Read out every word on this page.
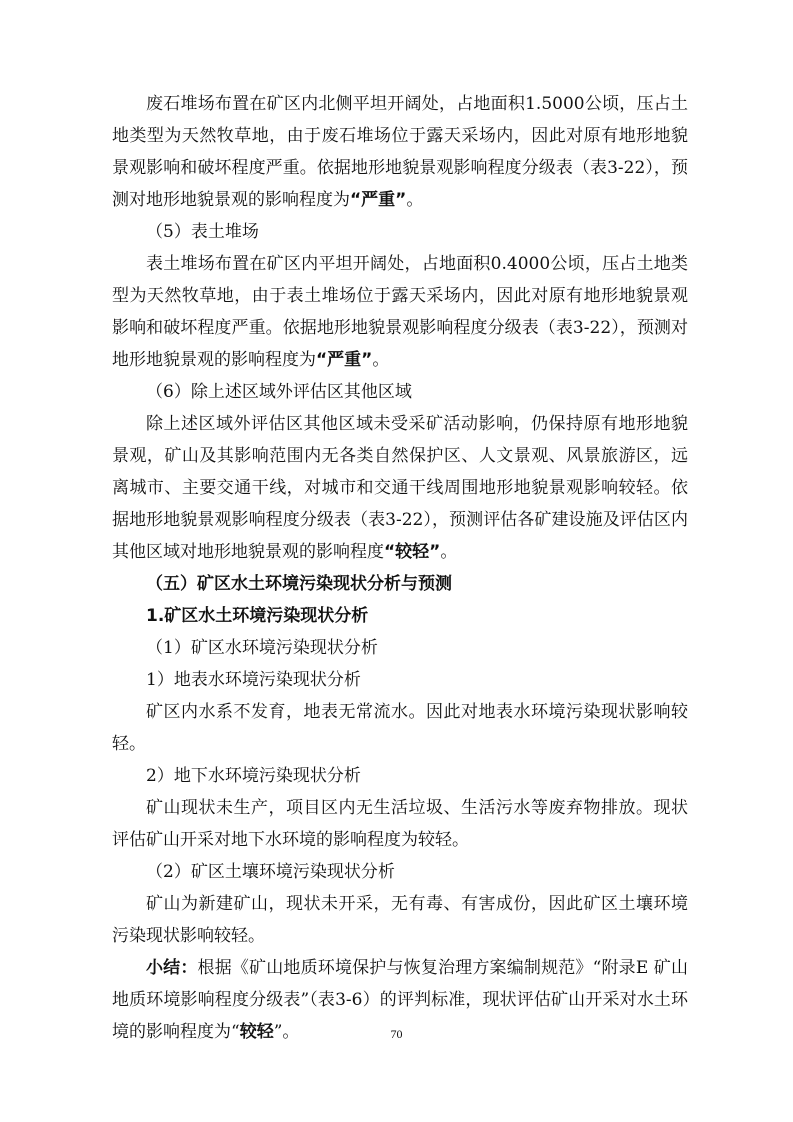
废石堆场布置在矿区内北侧平坦开阔处，占地面积1.5000公顷，压占土地类型为天然牧草地，由于废石堆场位于露天采场内，因此对原有地形地貌景观影响和破坏程度严重。依据地形地貌景观影响程度分级表（表3-22），预测对地形地貌景观的影响程度为“严重”。

（5）表土堆场

表土堆场布置在矿区内平坦开阔处，占地面积0.4000公顷，压占土地类型为天然牧草地，由于表土堆场位于露天采场内，因此对原有地形地貌景观影响和破坏程度严重。依据地形地貌景观影响程度分级表（表3-22），预测对地形地貌景观的影响程度为“严重”。

（6）除上述区域外评估区其他区域

除上述区域外评估区其他区域未受采矿活动影响，仍保持原有地形地貌景观，矿山及其影响范围内无各类自然保护区、人文景观、风景旅游区，远离城市、主要交通干线，对城市和交通干线周围地形地貌景观影响较轻。依据地形地貌景观影响程度分级表（表3-22），预测评估各矿建设施及评估区内其他区域对地形地貌景观的影响程度“较轻”。

（五）矿区水土环境污染现状分析与预测

1.矿区水土环境污染现状分析

（1）矿区水环境污染现状分析

1）地表水环境污染现状分析

矿区内水系不发育，地表无常流水。因此对地表水环境污染现状影响较轻。

2）地下水环境污染现状分析

矿山现状未生产，项目区内无生活垃圾、生活污水等废弃物排放。现状评估矿山开采对地下水环境的影响程度为较轻。

（2）矿区土壤环境污染现状分析

矿山为新建矿山，现状未开采，无有毒、有害成份，因此矿区土壤环境污染现状影响较轻。

小结：根据《矿山地质环境保护与恢复治理方案编制规范》“附录E 矿山地质环境影响程度分级表”（表3-6）的评判标准，现状评估矿山开采对水土环境的影响程度为“较轻”。	70
